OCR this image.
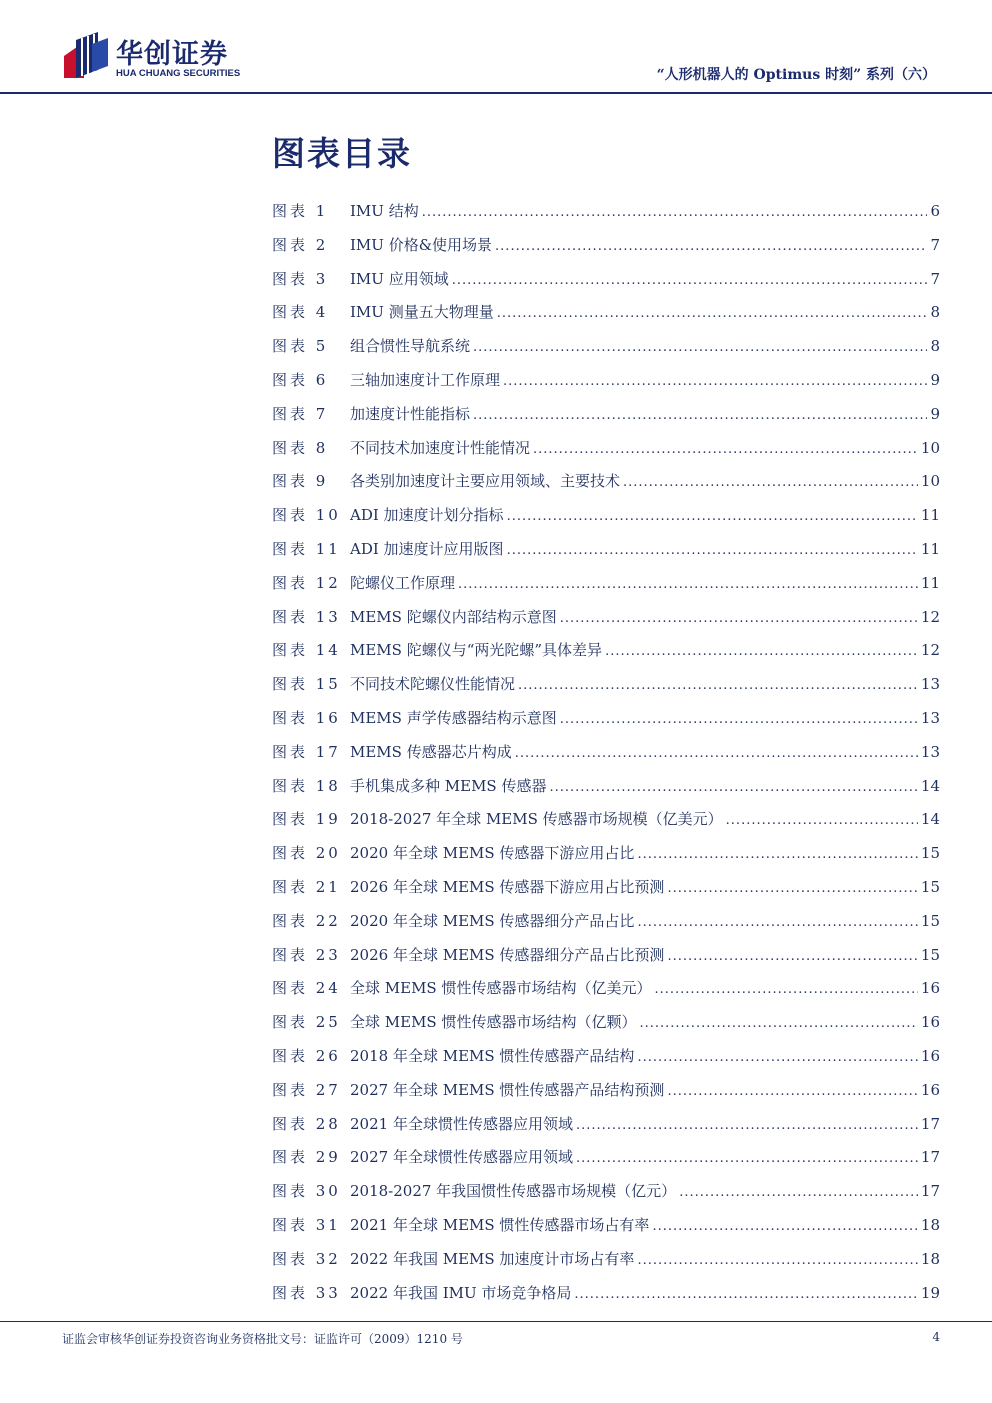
华创证券
HUA CHUANG SECURITIES	“人形机器人的 Optimus 时刻” 系列（六）
图表目录
图表 1	IMU 结构 .....	6
图表 2	IMU 价格&使用场景 .....	7
图表 3	IMU 应用领域 .....	7
图表 4	IMU 测量五大物理量 .....	8
图表 5	组合惯性导航系统 .....	8
图表 6	三轴加速度计工作原理 .....	9
图表 7	加速度计性能指标 .....	9
图表 8	不同技术加速度计性能情况 .....	10
图表 9	各类别加速度计主要应用领域、主要技术 .....	10
图表 10 ADI 加速度计划分指标 .....	11
图表 11 ADI 加速度计应用版图 .....	11
图表 12 陀螺仪工作原理 .....	11
图表 13 MEMS 陀螺仪内部结构示意图 .....	12
图表 14 MEMS 陀螺仪与“两光陀螺”具体差异 .....	12
图表 15 不同技术陀螺仪性能情况 .....	13
图表 16 MEMS 声学传感器结构示意图 .....	13
图表 17 MEMS 传感器芯片构成 .....	13
图表 18 手机集成多种 MEMS 传感器 .....	14
图表 19 2018-2027 年全球 MEMS 传感器市场规模（亿美元） .....	14
图表 20 2020 年全球 MEMS 传感器下游应用占比 .....	15
图表 21 2026 年全球 MEMS 传感器下游应用占比预测 .....	15
图表 22 2020 年全球 MEMS 传感器细分产品占比 .....	15
图表 23 2026 年全球 MEMS 传感器细分产品占比预测 .....	15
图表 24 全球 MEMS 惯性传感器市场结构（亿美元） .....	16
图表 25 全球 MEMS 惯性传感器市场结构（亿颗） .....	16
图表 26 2018 年全球 MEMS 惯性传感器产品结构 .....	16
图表 27 2027 年全球 MEMS 惯性传感器产品结构预测 .....	16
图表 28 2021 年全球惯性传感器应用领域 .....	17
图表 29 2027 年全球惯性传感器应用领域 .....	17
图表 30 2018-2027 年我国惯性传感器市场规模（亿元） .....	17
图表 31 2021 年全球 MEMS 惯性传感器市场占有率 .....	18
图表 32 2022 年我国 MEMS 加速度计市场占有率 .....	18
图表 33 2022 年我国 IMU 市场竞争格局 .....	19
证监会审核华创证券投资咨询业务资格批文号：证监许可（2009）1210 号	4
